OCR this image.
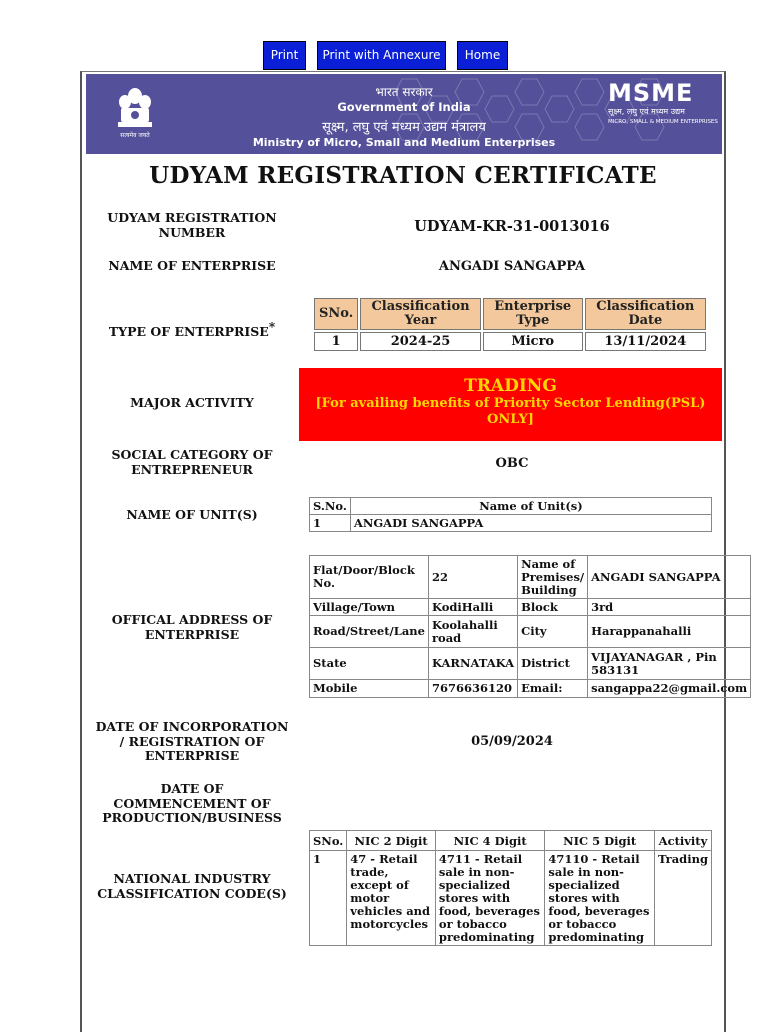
Print	Print with Annexure	Home
सत्यमेव जयते
भारत सरकार
Government of India
सूक्ष्म, लघु एवं मध्यम उद्यम मंत्रालय
Ministry of Micro, Small and Medium Enterprises
MSME
सूक्ष्म, लघु एवं मध्यम उद्यम
MICRO, SMALL & MEDIUM ENTERPRISES
UDYAM REGISTRATION CERTIFICATE
UDYAM REGISTRATION NUMBER	UDYAM-KR-31-0013016
NAME OF ENTERPRISE	ANGADI SANGAPPA
TYPE OF ENTERPRISE*
SNo.	Classification Year	Enterprise Type	Classification Date
1	2024-25	Micro	13/11/2024
MAJOR ACTIVITY
TRADING
[For availing benefits of Priority Sector Lending(PSL) ONLY]
SOCIAL CATEGORY OF ENTREPRENEUR	OBC
NAME OF UNIT(S)
S.No.	Name of Unit(s)
1	ANGADI SANGAPPA
OFFICAL ADDRESS OF ENTERPRISE
Flat/Door/Block No.	22	Name of Premises/ Building	ANGADI SANGAPPA
Village/Town	KodiHalli	Block	3rd
Road/Street/Lane	Koolahalli road	City	Harappanahalli
State	KARNATAKA	District	VIJAYANAGAR , Pin 583131
Mobile	7676636120	Email:	sangappa22@gmail.com
DATE OF INCORPORATION / REGISTRATION OF ENTERPRISE
05/09/2024
DATE OF COMMENCEMENT OF PRODUCTION/BUSINESS
NATIONAL INDUSTRY CLASSIFICATION CODE(S)
SNo.	NIC 2 Digit	NIC 4 Digit	NIC 5 Digit	Activity
1	47 - Retail trade, except of motor vehicles and motorcycles	4711 - Retail sale in non-specialized stores with food, beverages or tobacco predominating	47110 - Retail sale in non-specialized stores with food, beverages or tobacco predominating	Trading
